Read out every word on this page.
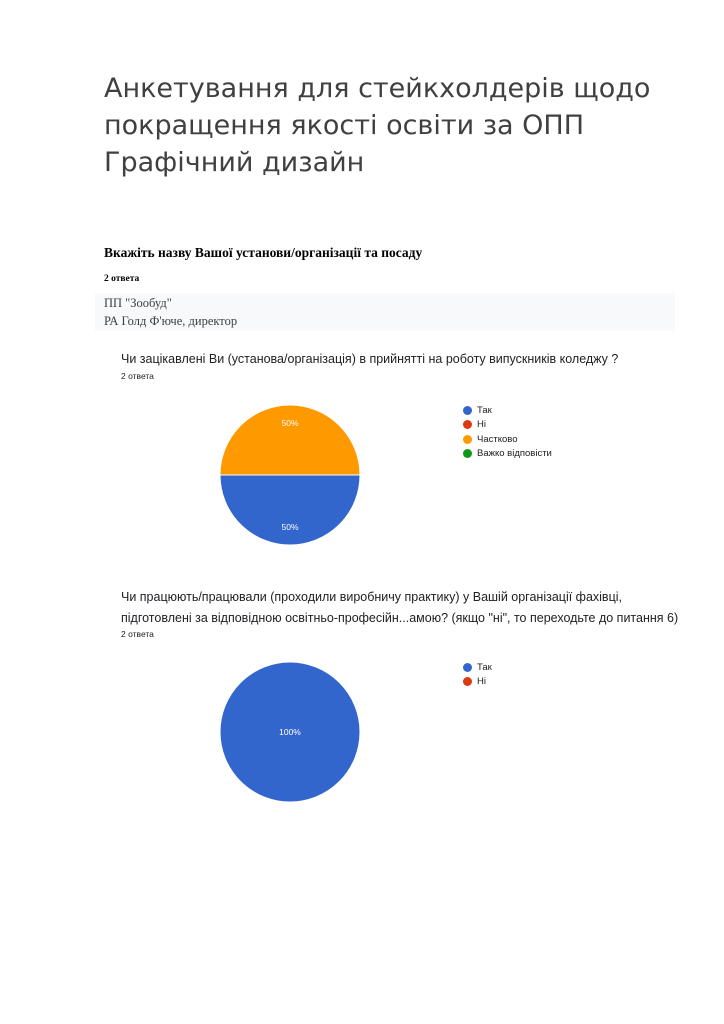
Анкетування для стейкхолдерів щодо покращення якості освіти за ОПП Графічний дизайн
Вкажіть назву Вашої установи/організації та посаду
2 ответа
ПП "Зообуд"
РА Голд Ф'юче, директор
Чи зацікавлені Ви (установа/організація) в прийнятті на роботу випускників коледжу ?
2 ответа
50%
50%
Так
Ні
Частково
Важко відповісти
Чи працюють/працювали (проходили виробничу практику) у Вашій організації фахівці,
підготовлені за відповідною освітньо-професійн...амою? (якщо "ні", то переходьте до питання 6)
2 ответа
100%
Так
Ні
